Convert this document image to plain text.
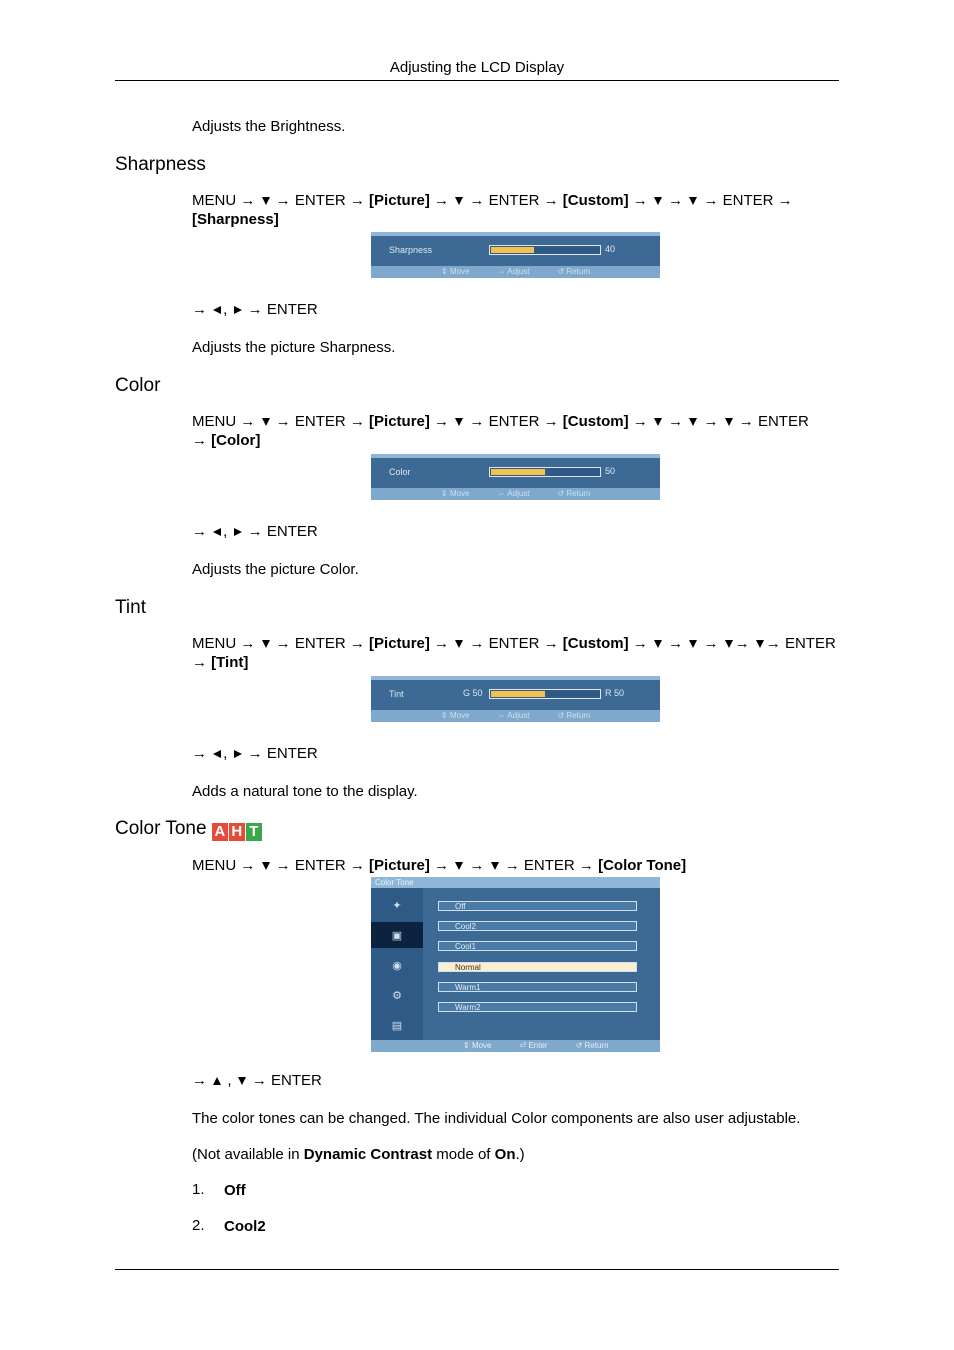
Adjusting the LCD Display
Adjusts the Brightness.
Sharpness
MENU →  → ENTER → [Picture] →  → ENTER → [Custom] →  →  → ENTER →
[Sharpness]
Sharpness	40
⇕ Move	⇔ Adjust	↺ Return
→ ,  → ENTER
Adjusts the picture Sharpness.
Color
MENU →  → ENTER → [Picture] →  → ENTER → [Custom] →  →  →  → ENTER
→ [Color]
Color	50
⇕ Move	⇔ Adjust	↺ Return
→ ,  → ENTER
Adjusts the picture Color.
Tint
MENU →  → ENTER → [Picture] →  → ENTER → [Custom] →  →  → → → ENTER
→ [Tint]
Tint	G 50	R 50
⇕ Move	⇔ Adjust	↺ Return
→ ,  → ENTER
Adds a natural tone to the display.
Color Tone A H T
MENU →  → ENTER → [Picture] →  →  → ENTER → [Color Tone]
Color Tone
✦
▣
◉
⚙
▤
Off
Cool2
Cool1
Normal
Warm1
Warm2
⇕ Move	⏎ Enter	↺ Return
→  ,  → ENTER
The color tones can be changed. The individual Color components are also user adjustable.
(Not available in Dynamic Contrast mode of On.)
1. Off
2. Cool2
